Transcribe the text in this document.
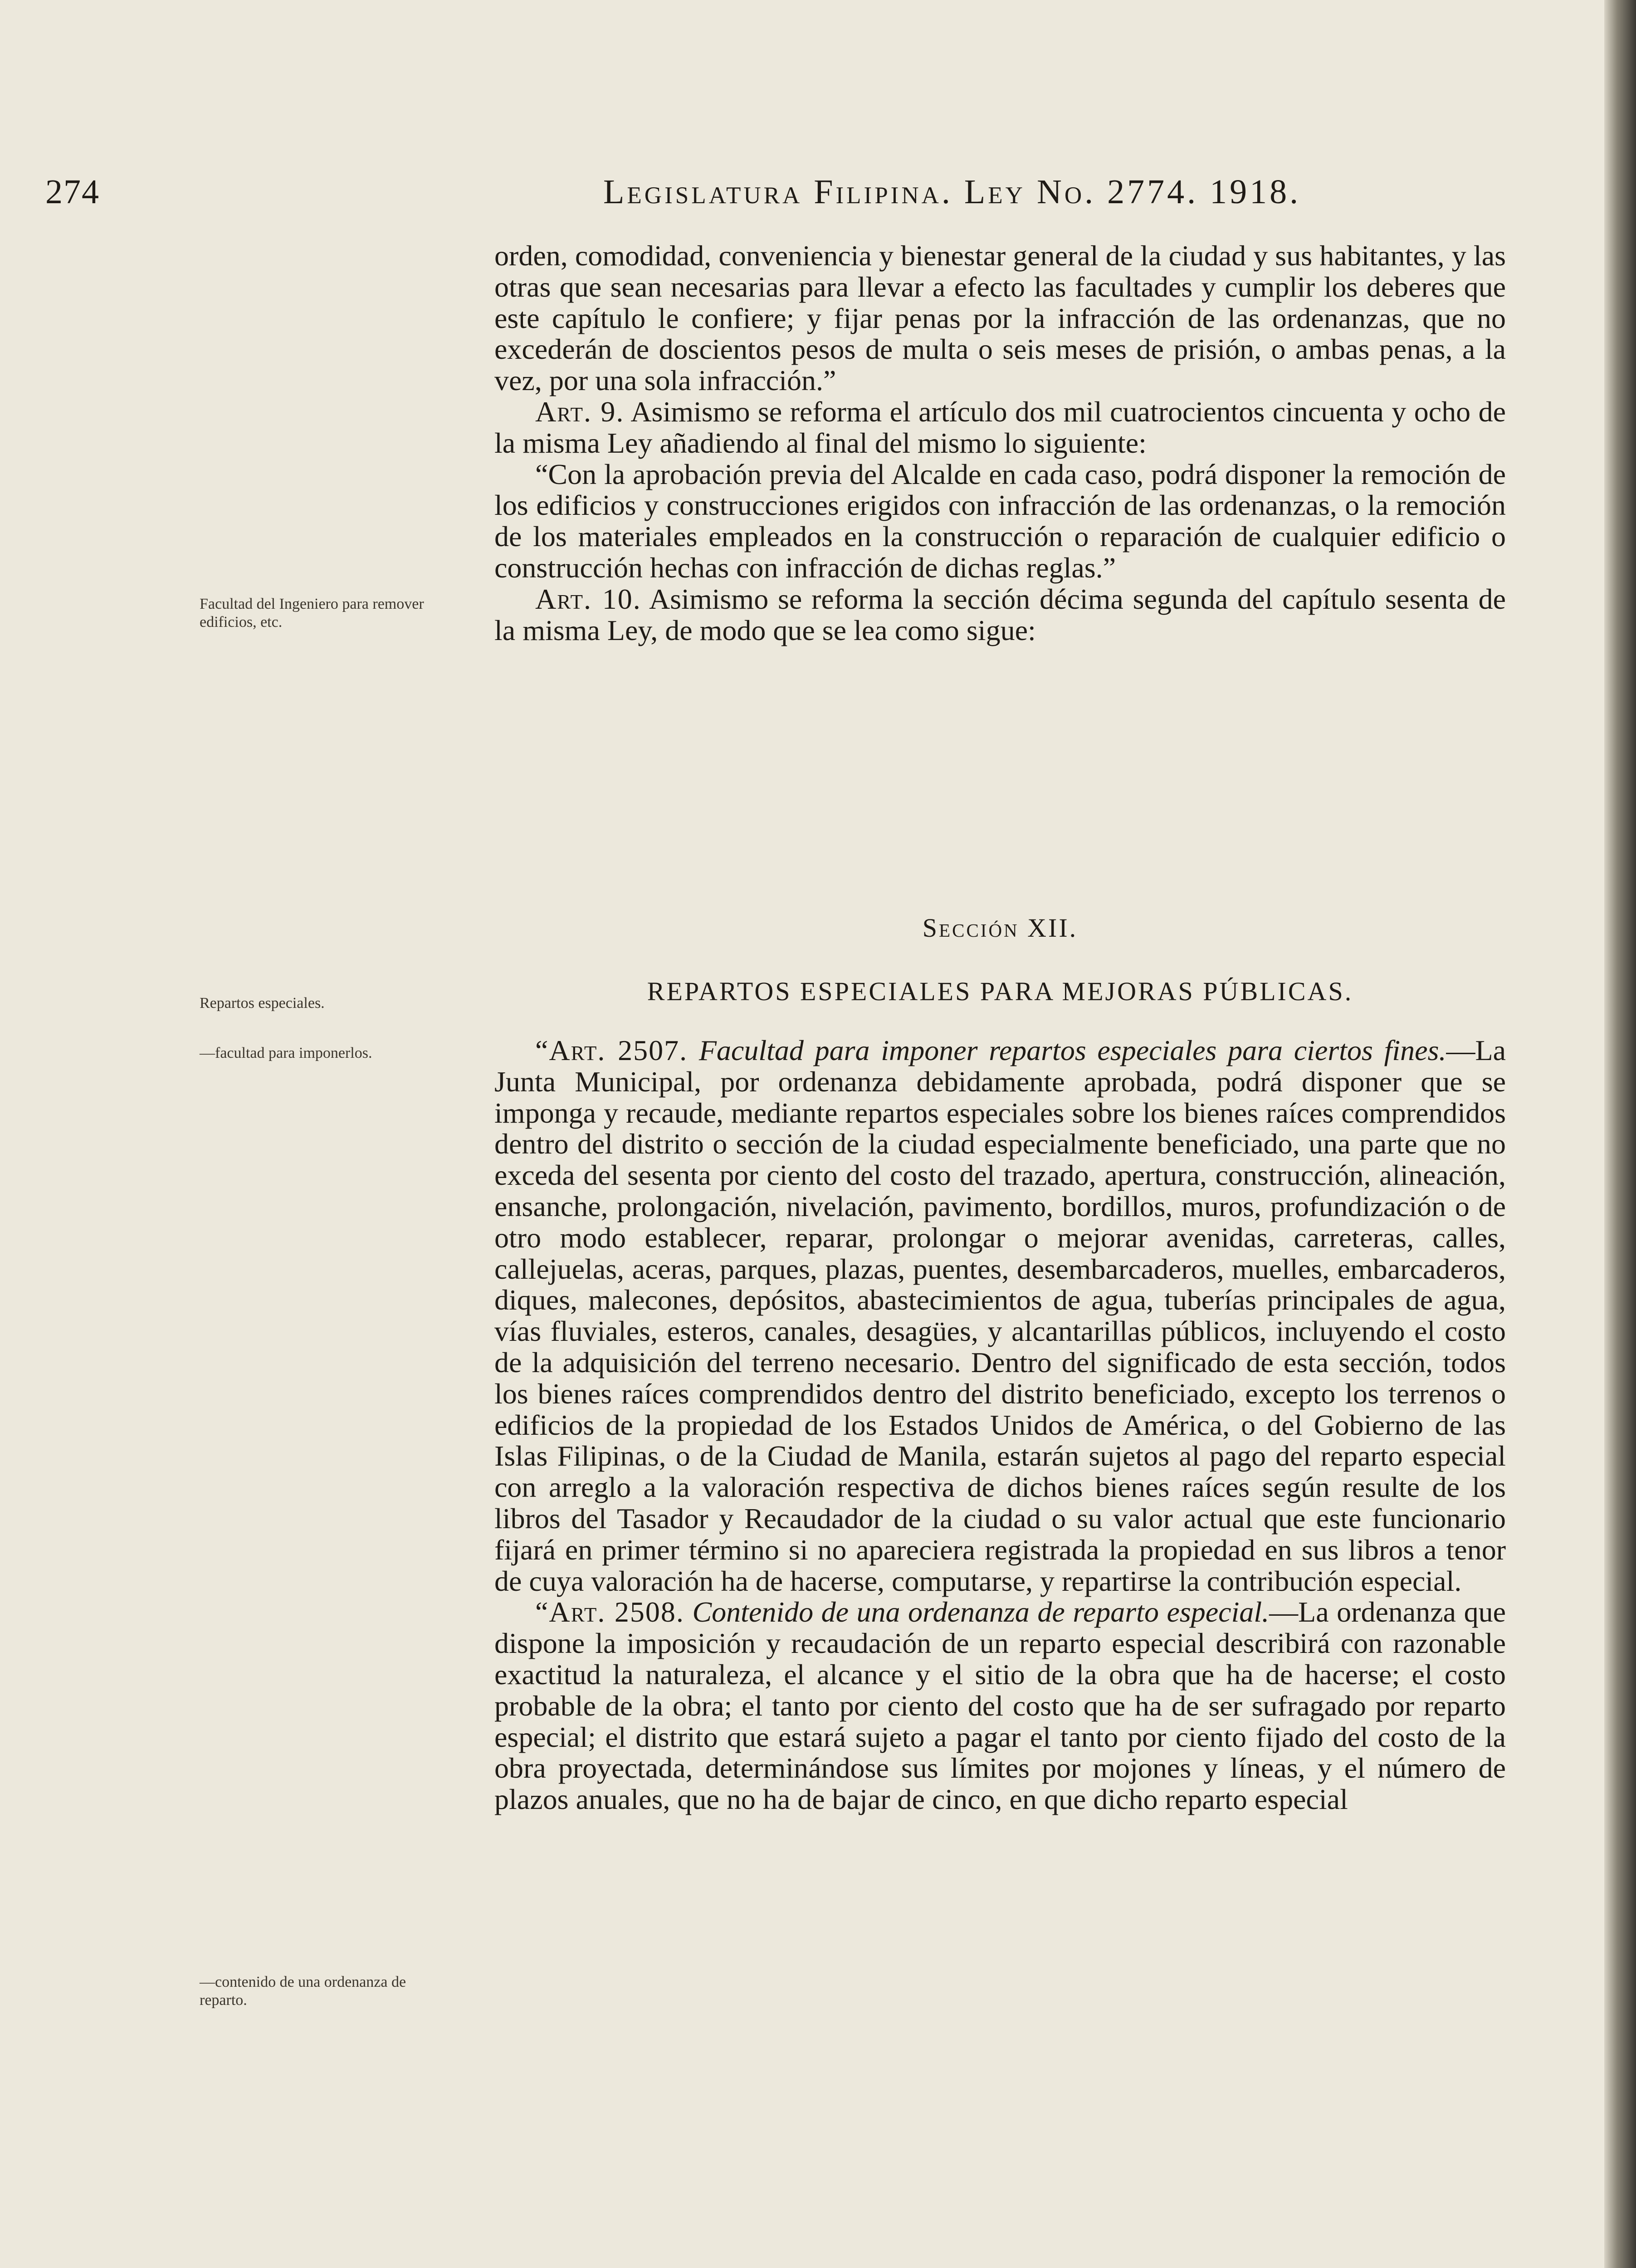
274	Legislatura Filipina. Ley No. 2774. 1918.
Facultad del Ingeniero para remover edificios, etc.
Repartos especiales.
—facultad para imponerlos.
—contenido de una ordenanza de reparto.

orden, comodidad, conveniencia y bienestar general de la ciudad y sus habitantes, y las otras que sean necesarias para llevar a efecto las facultades y cumplir los deberes que este capítulo le confiere; y fijar penas por la infracción de las ordenanzas, que no excederán de doscientos pesos de multa o seis meses de prisión, o ambas penas, a la vez, por una sola infracción.”

Art. 9. Asimismo se reforma el artículo dos mil cuatrocientos cincuenta y ocho de la misma Ley añadiendo al final del mismo lo siguiente:

“Con la aprobación previa del Alcalde en cada caso, podrá disponer la remoción de los edificios y construcciones erigidos con infracción de las ordenanzas, o la remoción de los materiales empleados en la construcción o reparación de cualquier edificio o construcción hechas con infracción de dichas reglas.”

Art. 10. Asimismo se reforma la sección décima segunda del capítulo sesenta de la misma Ley, de modo que se lea como sigue:

Sección XII.
REPARTOS ESPECIALES PARA MEJORAS PÚBLICAS.

“Art. 2507. Facultad para imponer repartos especiales para ciertos fines.—La Junta Municipal, por ordenanza debidamente aprobada, podrá disponer que se imponga y recaude, mediante repartos especiales sobre los bienes raíces comprendidos dentro del distrito o sección de la ciudad especialmente beneficiado, una parte que no exceda del sesenta por ciento del costo del trazado, apertura, construcción, alineación, ensanche, prolongación, nivelación, pavimento, bordillos, muros, profundización o de otro modo establecer, reparar, prolongar o mejorar avenidas, carreteras, calles, callejuelas, aceras, parques, plazas, puentes, desembarcaderos, muelles, embarcaderos, diques, malecones, depósitos, abastecimientos de agua, tuberías principales de agua, vías fluviales, esteros, canales, desagües, y alcantarillas públicos, incluyendo el costo de la adquisición del terreno necesario. Dentro del significado de esta sección, todos los bienes raíces comprendidos dentro del distrito beneficiado, excepto los terrenos o edificios de la propiedad de los Estados Unidos de América, o del Gobierno de las Islas Filipinas, o de la Ciudad de Manila, estarán sujetos al pago del reparto especial con arreglo a la valoración respectiva de dichos bienes raíces según resulte de los libros del Tasador y Recaudador de la ciudad o su valor actual que este funcionario fijará en primer término si no apareciera registrada la propiedad en sus libros a tenor de cuya valoración ha de hacerse, computarse, y repartirse la contribución especial.

“Art. 2508. Contenido de una ordenanza de reparto especial.—La ordenanza que dispone la imposición y recaudación de un reparto especial describirá con razonable exactitud la naturaleza, el alcance y el sitio de la obra que ha de hacerse; el costo probable de la obra; el tanto por ciento del costo que ha de ser sufragado por reparto especial; el distrito que estará sujeto a pagar el tanto por ciento fijado del costo de la obra proyectada, determinándose sus límites por mojones y líneas, y el número de plazos anuales, que no ha de bajar de cinco, en que dicho reparto especial
